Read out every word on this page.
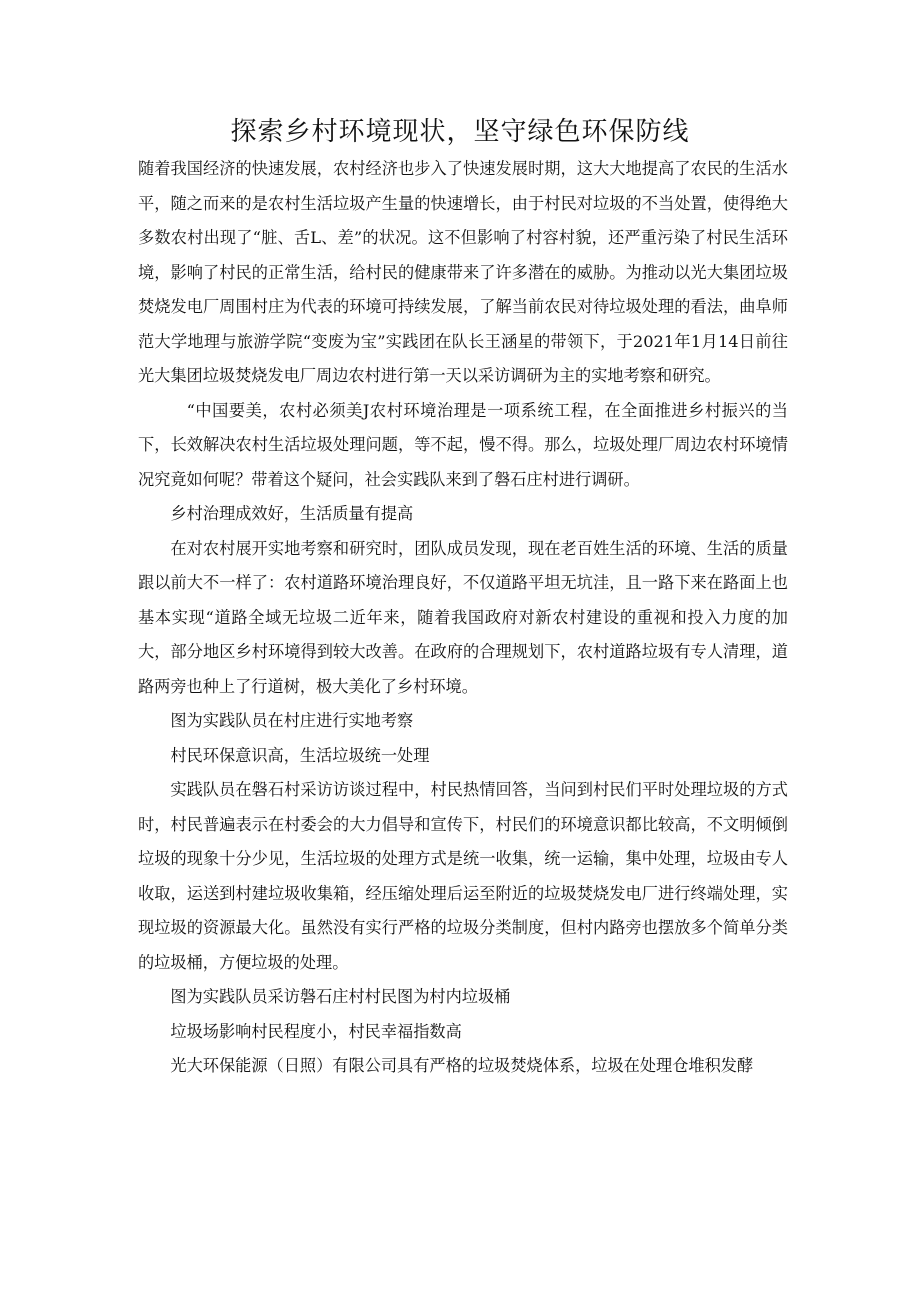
探索乡村环境现状，坚守绿色环保防线

随着我国经济的快速发展，农村经济也步入了快速发展时期，这大大地提高了农民的生活水平，随之而来的是农村生活垃圾产生量的快速增长，由于村民对垃圾的不当处置，使得绝大多数农村出现了“脏、舌L、差”的状况。这不但影响了村容村貌，还严重污染了村民生活环境，影响了村民的正常生活，给村民的健康带来了许多潜在的威胁。为推动以光大集团垃圾焚烧发电厂周围村庄为代表的环境可持续发展，了解当前农民对待垃圾处理的看法，曲阜师范大学地理与旅游学院“变废为宝”实践团在队长王涵星的带领下，于2021年1月14日前往光大集团垃圾焚烧发电厂周边农村进行第一天以采访调研为主的实地考察和研究。

“中国要美，农村必须美J农村环境治理是一项系统工程，在全面推进乡村振兴的当下，长效解决农村生活垃圾处理问题，等不起，慢不得。那么，垃圾处理厂周边农村环境情况究竟如何呢？带着这个疑问，社会实践队来到了磐石庄村进行调研。

乡村治理成效好，生活质量有提高

在对农村展开实地考察和研究时，团队成员发现，现在老百姓生活的环境、生活的质量跟以前大不一样了：农村道路环境治理良好，不仅道路平坦无坑洼，且一路下来在路面上也基本实现“道路全域无垃圾二近年来，随着我国政府对新农村建设的重视和投入力度的加大，部分地区乡村环境得到较大改善。在政府的合理规划下，农村道路垃圾有专人清理，道路两旁也种上了行道树，极大美化了乡村环境。

图为实践队员在村庄进行实地考察

村民环保意识高，生活垃圾统一处理

实践队员在磐石村采访访谈过程中，村民热情回答，当问到村民们平时处理垃圾的方式时，村民普遍表示在村委会的大力倡导和宣传下，村民们的环境意识都比较高，不文明倾倒垃圾的现象十分少见，生活垃圾的处理方式是统一收集，统一运输，集中处理，垃圾由专人收取，运送到村建垃圾收集箱，经压缩处理后运至附近的垃圾焚烧发电厂进行终端处理，实现垃圾的资源最大化。虽然没有实行严格的垃圾分类制度，但村内路旁也摆放多个简单分类的垃圾桶，方便垃圾的处理。

图为实践队员采访磐石庄村村民图为村内垃圾桶

垃圾场影响村民程度小，村民幸福指数高

光大环保能源（日照）有限公司具有严格的垃圾焚烧体系，垃圾在处理仓堆积发酵
